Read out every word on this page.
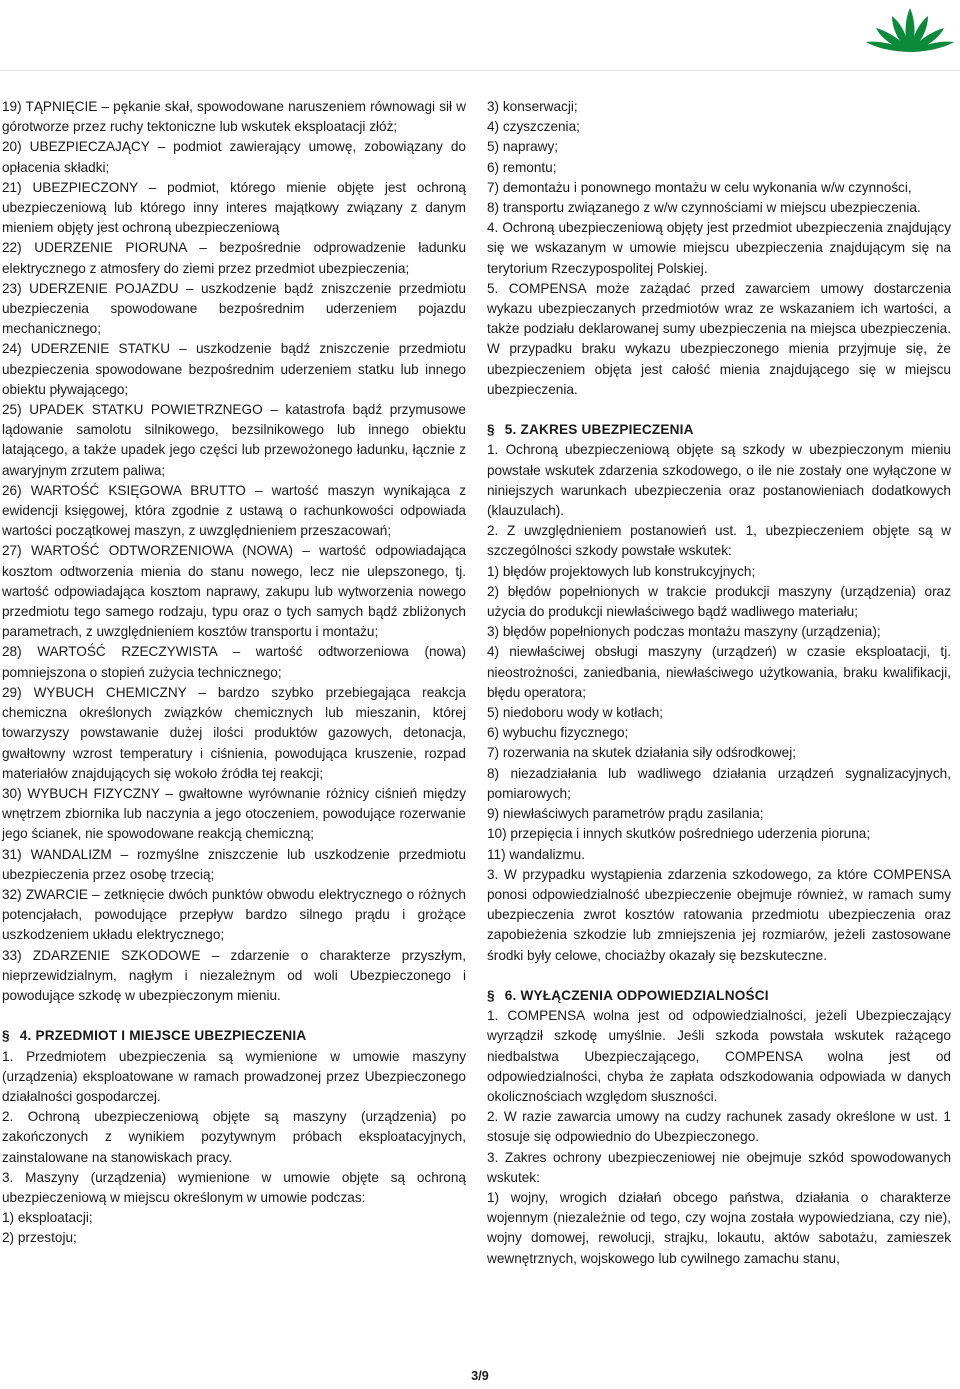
19) TĄPNIĘCIE – pękanie skał, spowodowane naruszeniem równowagi sił w górotworze przez ruchy tektoniczne lub wskutek eksploatacji złóż;
20) UBEZPIECZAJĄCY – podmiot zawierający umowę, zobowiązany do opłacenia składki;
21) UBEZPIECZONY – podmiot, którego mienie objęte jest ochroną ubezpieczeniową lub którego inny interes majątkowy związany z danym mieniem objęty jest ochroną ubezpieczeniową
22) UDERZENIE PIORUNA – bezpośrednie odprowadzenie ładunku elektrycznego z atmosfery do ziemi przez przedmiot ubezpieczenia;
23) UDERZENIE POJAZDU – uszkodzenie bądź zniszczenie przedmiotu ubezpieczenia spowodowane bezpośrednim uderzeniem pojazdu mechanicznego;
24) UDERZENIE STATKU – uszkodzenie bądź zniszczenie przedmiotu ubezpieczenia spowodowane bezpośrednim uderzeniem statku lub innego obiektu pływającego;
25) UPADEK STATKU POWIETRZNEGO – katastrofa bądź przymusowe lądowanie samolotu silnikowego, bezsilnikowego lub innego obiektu latającego, a także upadek jego części lub przewożonego ładunku, łącznie z awaryjnym zrzutem paliwa;
26) WARTOŚĆ KSIĘGOWA BRUTTO – wartość maszyn wynikająca z ewidencji księgowej, która zgodnie z ustawą o rachunkowości odpowiada wartości początkowej maszyn, z uwzględnieniem przeszacowań;
27) WARTOŚĆ ODTWORZENIOWA (NOWA) – wartość odpowiadająca kosztom odtworzenia mienia do stanu nowego, lecz nie ulepszonego, tj. wartość odpowiadająca kosztom naprawy, zakupu lub wytworzenia nowego przedmiotu tego samego rodzaju, typu oraz o tych samych bądź zbliżonych parametrach, z uwzględnieniem kosztów transportu i montażu;
28) WARTOŚĆ RZECZYWISTA – wartość odtworzeniowa (nowa) pomniejszona o stopień zużycia technicznego;
29) WYBUCH CHEMICZNY – bardzo szybko przebiegająca reakcja chemiczna określonych związków chemicznych lub mieszanin, której towarzyszy powstawanie dużej ilości produktów gazowych, detonacja, gwałtowny wzrost temperatury i ciśnienia, powodująca kruszenie, rozpad materiałów znajdujących się wokoło źródła tej reakcji;
30) WYBUCH FIZYCZNY – gwałtowne wyrównanie różnicy ciśnień między wnętrzem zbiornika lub naczynia a jego otoczeniem, powodujące rozerwanie jego ścianek, nie spowodowane reakcją chemiczną;
31) WANDALIZM – rozmyślne zniszczenie lub uszkodzenie przedmiotu ubezpieczenia przez osobę trzecią;
32) ZWARCIE – zetknięcie dwóch punktów obwodu elektrycznego o różnych potencjałach, powodujące przepływ bardzo silnego prądu i grożące uszkodzeniem układu elektrycznego;
33) ZDARZENIE SZKODOWE – zdarzenie o charakterze przyszłym, nieprzewidzialnym, nagłym i niezależnym od woli Ubezpieczonego i powodujące szkodę w ubezpieczonym mieniu.
§ 4. PRZEDMIOT I MIEJSCE UBEZPIECZENIA
1. Przedmiotem ubezpieczenia są wymienione w umowie maszyny (urządzenia) eksploatowane w ramach prowadzonej przez Ubezpieczonego działalności gospodarczej.
2. Ochroną ubezpieczeniową objęte są maszyny (urządzenia) po zakończonych z wynikiem pozytywnym próbach eksploatacyjnych, zainstalowane na stanowiskach pracy.
3. Maszyny (urządzenia) wymienione w umowie objęte są ochroną ubezpieczeniową w miejscu określonym w umowie podczas:
1) eksploatacji;
2) przestoju;
3) konserwacji;
4) czyszczenia;
5) naprawy;
6) remontu;
7) demontażu i ponownego montażu w celu wykonania w/w czynności,
8) transportu związanego z w/w czynnościami w miejscu ubezpieczenia.
4. Ochroną ubezpieczeniową objęty jest przedmiot ubezpieczenia znajdujący się we wskazanym w umowie miejscu ubezpieczenia znajdującym się na terytorium Rzeczypospolitej Polskiej.
5. COMPENSA może zażądać przed zawarciem umowy dostarczenia wykazu ubezpieczanych przedmiotów wraz ze wskazaniem ich wartości, a także podziału deklarowanej sumy ubezpieczenia na miejsca ubezpieczenia. W przypadku braku wykazu ubezpieczonego mienia przyjmuje się, że ubezpieczeniem objęta jest całość mienia znajdującego się w miejscu ubezpieczenia.
§ 5. ZAKRES UBEZPIECZENIA
1. Ochroną ubezpieczeniową objęte są szkody w ubezpieczonym mieniu powstałe wskutek zdarzenia szkodowego, o ile nie zostały one wyłączone w niniejszych warunkach ubezpieczenia oraz postanowieniach dodatkowych (klauzulach).
2. Z uwzględnieniem postanowień ust. 1, ubezpieczeniem objęte są w szczególności szkody powstałe wskutek:
1) błędów projektowych lub konstrukcyjnych;
2) błędów popełnionych w trakcie produkcji maszyny (urządzenia) oraz użycia do produkcji niewłaściwego bądź wadliwego materiału;
3) błędów popełnionych podczas montażu maszyny (urządzenia);
4) niewłaściwej obsługi maszyny (urządzeń) w czasie eksploatacji, tj. nieostrożności, zaniedbania, niewłaściwego użytkowania, braku kwalifikacji, błędu operatora;
5) niedoboru wody w kotłach;
6) wybuchu fizycznego;
7) rozerwania na skutek działania siły odśrodkowej;
8) niezadziałania lub wadliwego działania urządzeń sygnalizacyjnych, pomiarowych;
9) niewłaściwych parametrów prądu zasilania;
10) przepięcia i innych skutków pośredniego uderzenia pioruna;
11) wandalizmu.
3. W przypadku wystąpienia zdarzenia szkodowego, za które COMPENSA ponosi odpowiedzialność ubezpieczenie obejmuje również, w ramach sumy ubezpieczenia zwrot kosztów ratowania przedmiotu ubezpieczenia oraz zapobieżenia szkodzie lub zmniejszenia jej rozmiarów, jeżeli zastosowane środki były celowe, chociażby okazały się bezskuteczne.
§ 6. WYŁĄCZENIA ODPOWIEDZIALNOŚCI
1. COMPENSA wolna jest od odpowiedzialności, jeżeli Ubezpieczający wyrządził szkodę umyślnie. Jeśli szkoda powstała wskutek rażącego niedbalstwa Ubezpieczającego, COMPENSA wolna jest od odpowiedzialności, chyba że zapłata odszkodowania odpowiada w danych okolicznościach względom słuszności.
2. W razie zawarcia umowy na cudzy rachunek zasady określone w ust. 1 stosuje się odpowiednio do Ubezpieczonego.
3. Zakres ochrony ubezpieczeniowej nie obejmuje szkód spowodowanych wskutek:
1) wojny, wrogich działań obcego państwa, działania o charakterze wojennym (niezależnie od tego, czy wojna została wypowiedziana, czy nie), wojny domowej, rewolucji, strajku, lokautu, aktów sabotażu, zamieszek wewnętrznych, wojskowego lub cywilnego zamachu stanu,
3/9
